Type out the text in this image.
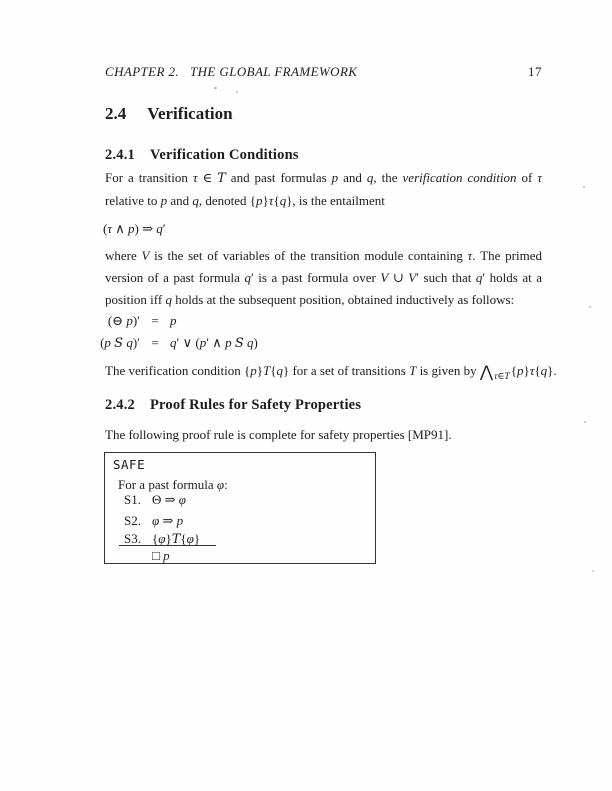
CHAPTER 2.   THE GLOBAL FRAMEWORK	17
2.4 Verification
2.4.1 Verification Conditions
For a transition τ ∈ T and past formulas p and q, the verification condition of τ
relative to p and q, denoted {p}τ{q}, is the entailment
(τ ∧ p) ⇒ q′
where V is the set of variables of the transition module containing τ. The primed
version of a past formula q′ is a past formula over V ∪ V′ such that q′ holds at a
position iff q holds at the subsequent position, obtained inductively as follows:
(⊖ p)′ = p
(p S q)′ = q′ ∨ (p′ ∧ p S q)
The verification condition {p}T{q} for a set of transitions T is given by $⋀_{\tau\in T}\{p\}\tau\{q\}$.
2.4.2 Proof Rules for Safety Properties
The following proof rule is complete for safety properties [MP91].
SAFE
For a past formula φ:
S1. Θ ⇒ φ
S2. φ ⇒ p
S3. {φ}T{φ}
□ p
